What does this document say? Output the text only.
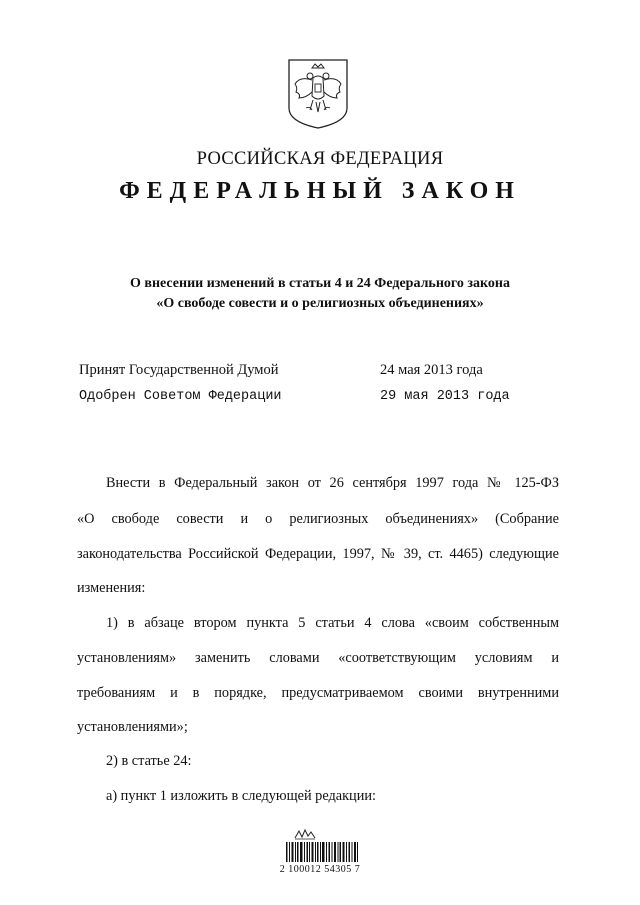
РОССИЙСКАЯ ФЕДЕРАЦИЯ
ФЕДЕРАЛЬНЫЙ ЗАКОН
О внесении изменений в статьи 4 и 24 Федерального закона
«О свободе совести и о религиозных объединениях»
Принят Государственной Думой	24 мая 2013 года
Одобрен Советом Федерации	29 мая 2013 года
Внести в Федеральный закон от 26 сентября 1997 года № 125-ФЗ
«О свободе совести и о религиозных объединениях» (Собрание
законодательства Российской Федерации, 1997, № 39, ст. 4465) следующие
изменения:
1) в абзаце втором пункта 5 статьи 4 слова «своим собственным
установлениям» заменить словами «соответствующим условиям и
требованиям и в порядке, предусматриваемом своими внутренними
установлениями»;
2) в статье 24:
а) пункт 1 изложить в следующей редакции:
2 100012 54305 7
